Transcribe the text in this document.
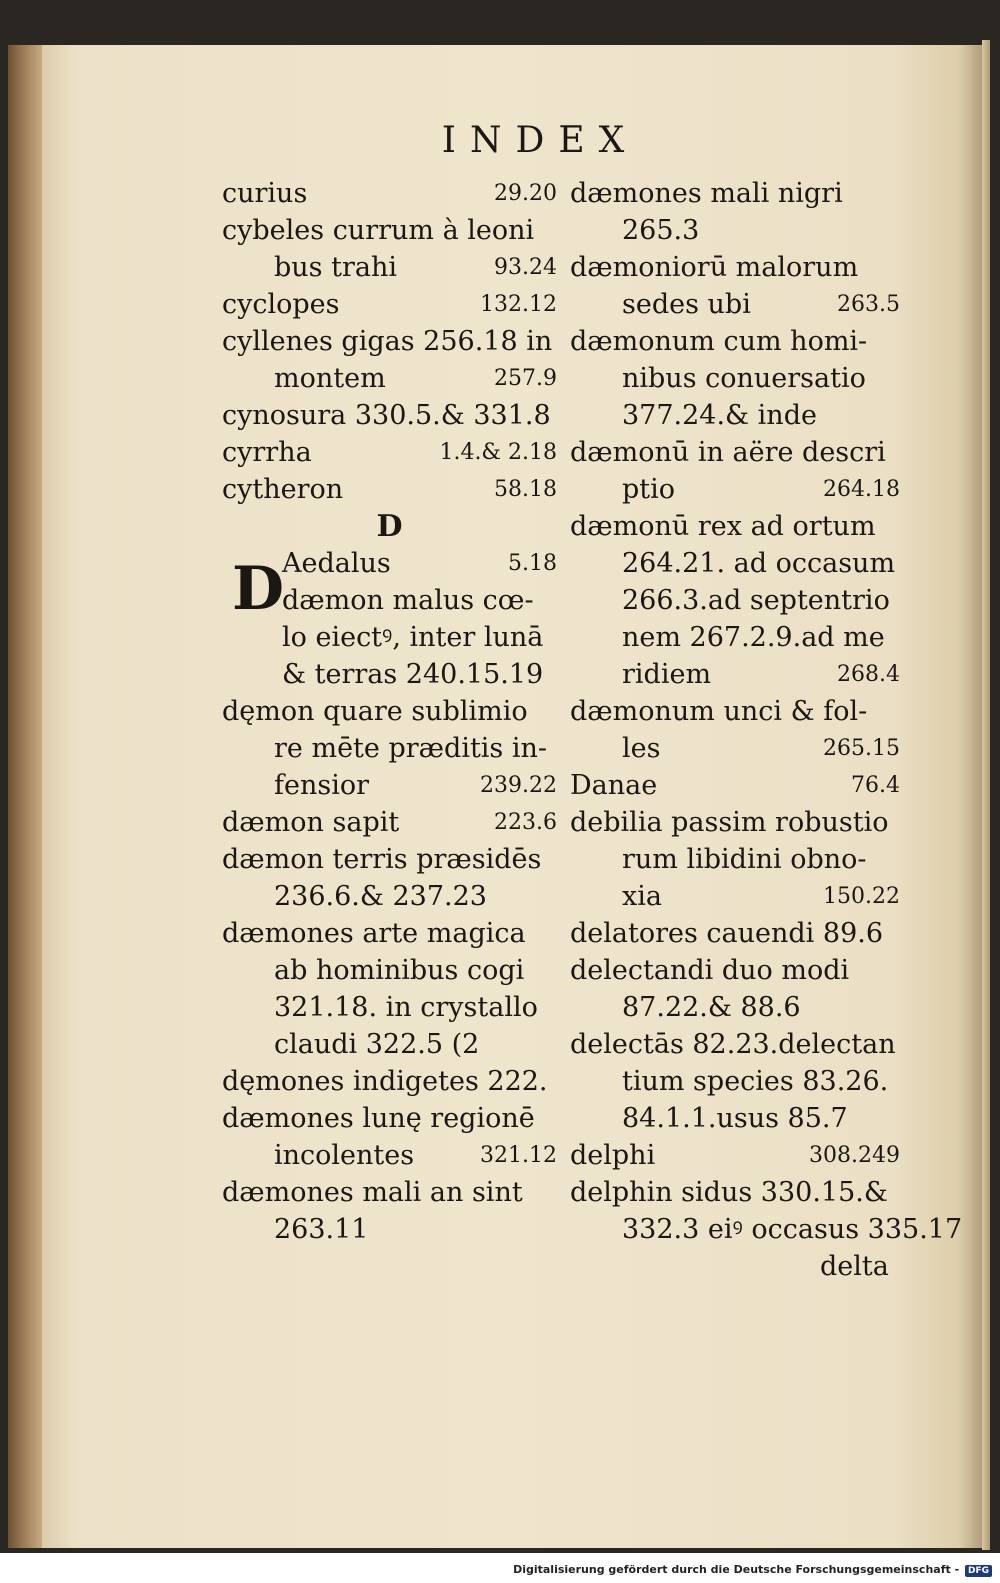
INDEX
curius	29.20
cybeles currum à leoni
bus trahi	93.24
cyclopes	132.12
cyllenes gigas 256.18 in
montem	257.9
cynosura 330.5.& 331.8
cyrrha	1.4.& 2.18
cytheron	58.18
D
Aedalus	5.18
dæmon malus cœ-
lo eiectꝰ, inter lunā
& terras 240.15.19
dęmon quare sublimio
re mēte præditis in-
fensior	239.22
dæmon sapit	223.6
dæmon terris præsidēs
236.6.& 237.23
dæmones arte magica
ab hominibus cogi
321.18. in crystallo
claudi 322.5 (2
dęmones indigetes 222.
dæmones lunę regionē
incolentes	321.12
dæmones mali an sint
263.11
D
dæmones mali nigri
265.3
dæmoniorū malorum
sedes ubi	263.5
dæmonum cum homi-
nibus conuersatio
377.24.& inde
dæmonū in aëre descri
ptio	264.18
dæmonū rex ad ortum
264.21. ad occasum
266.3.ad septentrio
nem 267.2.9.ad me
ridiem	268.4
dæmonum unci & fol-
les	265.15
Danae	76.4
debilia passim robustio
rum libidini obno-
xia	150.22
delatores cauendi 89.6
delectandi duo modi
87.22.& 88.6
delectās 82.23.delectan
tium species 83.26.
84.1.1.usus 85.7
delphi	308.249
delphin sidus 330.15.&
332.3 eiꝰ occasus 335.17
delta
Digitalisierung gefördert durch die Deutsche Forschungsgemeinschaft - DFG
